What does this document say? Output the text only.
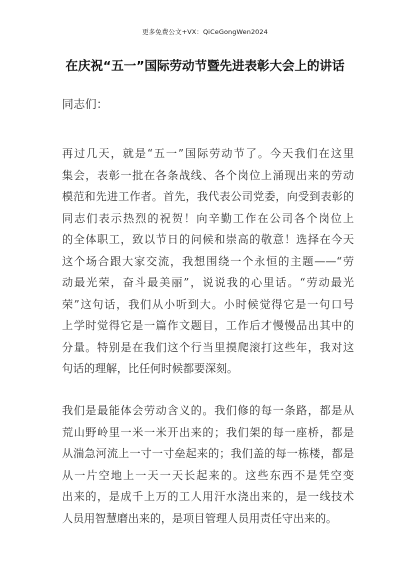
更多免费公文+VX：QiCeGongWen2024
在庆祝“五一”国际劳动节暨先进表彰大会上的讲话
同志们：
再过几天，就是“五一”国际劳动节了。今天我们在这里
集会，表彰一批在各条战线、各个岗位上涌现出来的劳动
模范和先进工作者。首先，我代表公司党委，向受到表彰的
同志们表示热烈的祝贺！向辛勤工作在公司各个岗位上
的全体职工，致以节日的问候和崇高的敬意！选择在今天
这个场合跟大家交流，我想围绕一个永恒的主题——“劳
动最光荣，奋斗最美丽”，说说我的心里话。“劳动最光
荣”这句话，我们从小听到大。小时候觉得它是一句口号
上学时觉得它是一篇作文题目，工作后才慢慢品出其中的
分量。特别是在我们这个行当里摸爬滚打这些年，我对这
句话的理解，比任何时候都要深刻。
我们是最能体会劳动含义的。我们修的每一条路，都是从
荒山野岭里一米一米开出来的；我们架的每一座桥，都是
从湍急河流上一寸一寸垒起来的；我们盖的每一栋楼，都是
从一片空地上一天一天长起来的。这些东西不是凭空变
出来的，是成千上万的工人用汗水浇出来的，是一线技术
人员用智慧磨出来的，是项目管理人员用责任守出来的。
